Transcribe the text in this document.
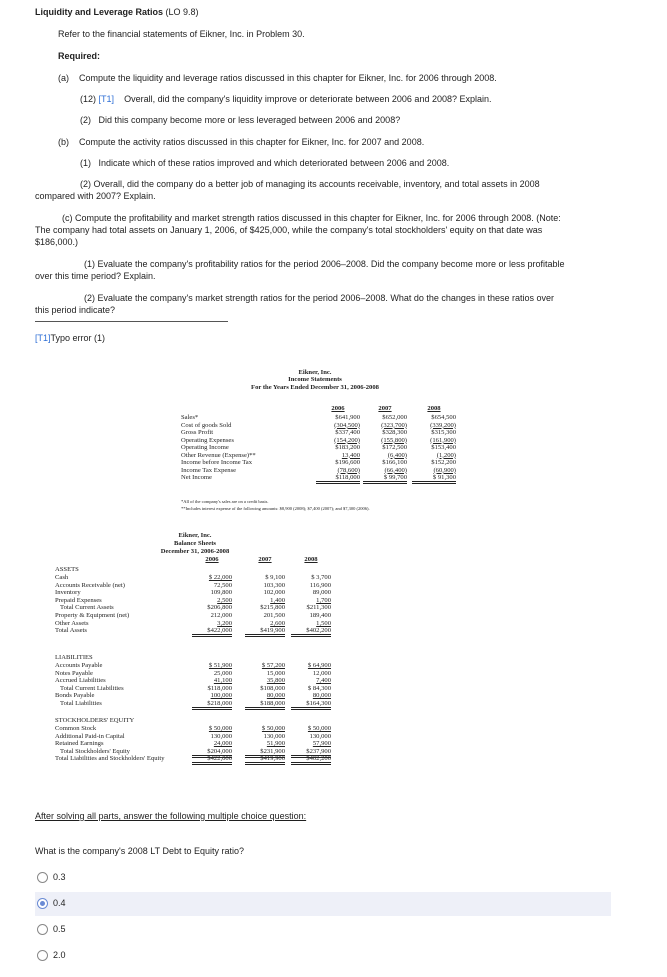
Liquidity and Leverage Ratios (LO 9.8)
Refer to the financial statements of Eikner, Inc. in Problem 30.
Required:
(a) Compute the liquidity and leverage ratios discussed in this chapter for Eikner, Inc. for 2006 through 2008.
(12) [T1] Overall, did the company's liquidity improve or deteriorate between 2006 and 2008? Explain.
(2) Did this company become more or less leveraged between 2006 and 2008?
(b) Compute the activity ratios discussed in this chapter for Eikner, Inc. for 2007 and 2008.
(1) Indicate which of these ratios improved and which deteriorated between 2006 and 2008.
(2) Overall, did the company do a better job of managing its accounts receivable, inventory, and total assets in 2008
compared with 2007? Explain.
(c) Compute the profitability and market strength ratios discussed in this chapter for Eikner, Inc. for 2006 through 2008. (Note:
The company had total assets on January 1, 2006, of $425,000, while the company's total stockholders' equity on that date was
$186,000.)
(1) Evaluate the company's profitability ratios for the period 2006–2008. Did the company become more or less profitable
over this time period? Explain.
(2) Evaluate the company's market strength ratios for the period 2006–2008. What do the changes in these ratios over
this period indicate?
[T1]Typo error (1)
Eikner, Inc.
Income Statements
For the Years Ended December 31, 2006-2008
2006	2007	2008
Sales*	$641,900	$652,000	$654,500
Cost of goods Sold	(304,500)	(323,700)	(339,200)
Gross Profit	$337,400	$328,300	$315,300
Operating Expenses	(154,200)	(155,800)	(161,900)
Operating Income	$183,200	$172,500	$153,400
Other Revenue (Expense)**	13,400	(6,400)	(1,200)
Income before Income Tax	$196,600	$166,100	$152,200
Income Tax Expense	(78,600)	(66,400)	(60,900)
Net Income	$118,000	$ 99,700	$ 91,300
*All of the company's sales are on a credit basis.
**Includes interest expense of the following amounts: $8,900 (2008); $7,400 (2007); and $7,300 (2006).
Eikner, Inc.
Balance Sheets
December 31, 2006-2008
2006	2007	2008
ASSETS
Cash	$ 22,000	$ 9,100	$ 3,700
Accounts Receivable (net)	72,500	103,300	116,900
Inventory	109,800	102,000	89,000
Prepaid Expenses	2,500	1,400	1,700
Total Current Assets	$206,800	$215,800	$211,300
Property & Equipment (net)	212,000	201,500	189,400
Other Assets	3,200	2,600	1,500
Total Assets	$422,000	$419,900	$402,200
LIABILITIES
Accounts Payable	$ 51,900	$ 57,200	$ 64,900
Notes Payable	25,000	15,000	12,000
Accrued Liabilities	41,100	35,800	7,400
Total Current Liabilities	$118,000	$108,000	$ 84,300
Bonds Payable	100,000	80,000	80,000
Total Liabilities	$218,000	$188,000	$164,300
STOCKHOLDERS' EQUITY
Common Stock	$ 50,000	$ 50,000	$ 50,000
Additional Paid-in Capital	130,000	130,000	130,000
Retained Earnings	24,000	51,900	57,900
Total Stockholders' Equity	$204,000	$231,900	$237,900
Total Liabilities and Stockholders' Equity	$422,000	$419,900	$402,200
After solving all parts, answer the following multiple choice question:
What is the company's 2008 LT Debt to Equity ratio?
0.3
0.4
0.5
2.0
